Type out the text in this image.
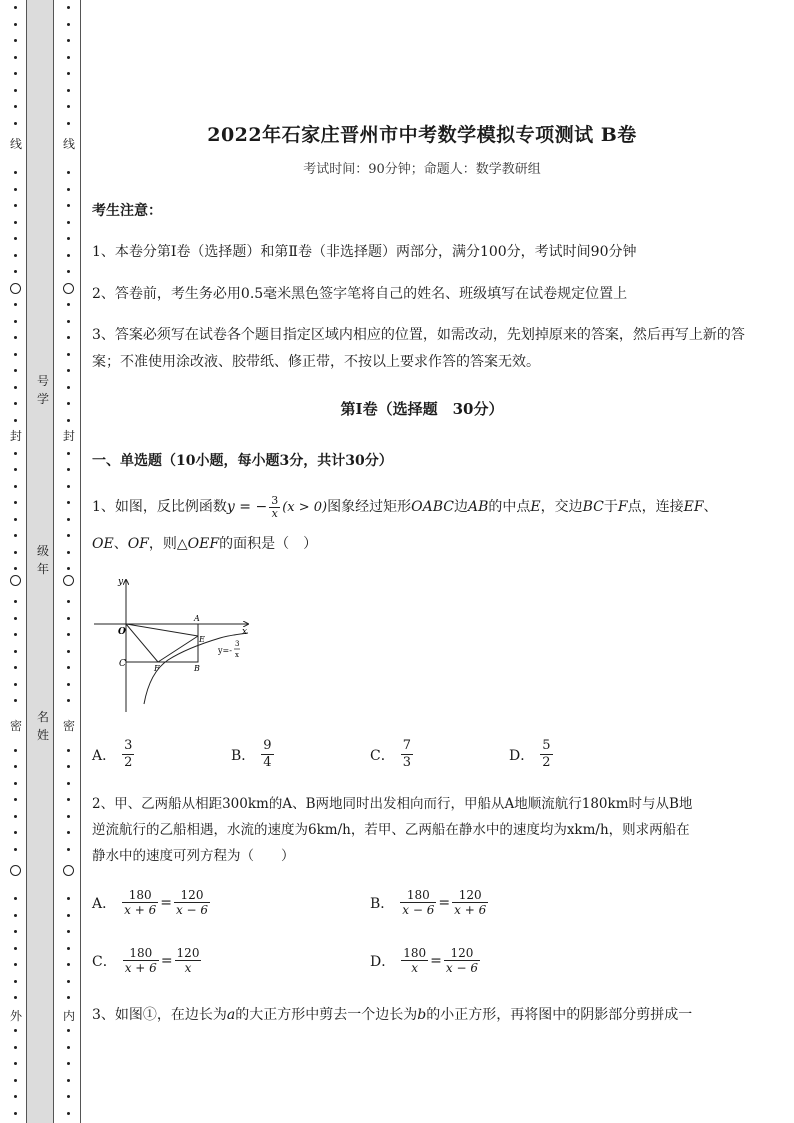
线
封
密
外
线
封
密
内
号学
级年
名姓
2022年石家庄晋州市中考数学模拟专项测试 B卷
考试时间：90分钟；命题人：数学教研组
考生注意：
1、本卷分第I卷（选择题）和第Ⅱ卷（非选择题）两部分，满分100分，考试时间90分钟
2、答卷前，考生务必用0.5毫米黑色签字笔将自己的姓名、班级填写在试卷规定位置上
3、答案必须写在试卷各个题目指定区域内相应的位置，如需改动，先划掉原来的答案，然后再写上新的答案；不准使用涂改液、胶带纸、修正带，不按以上要求作答的答案无效。
第I卷（选择题　30分）
一、单选题（10小题，每小题3分，共计30分）
1、如图，反比例函数y = − $\frac{3}{x} (x > 0)$图象经过矩形OABC边AB的中点E，交边BC于F点，连接EF、
OE、OF，则△OEF的面积是（　）
y
x
O
A
E
C	F	B
y=-
3
x
A． $\frac{3}{2}$	B． $\frac{9}{4}$	C． $\frac{7}{3}$	D． $\frac{5}{2}$
2、甲、乙两船从相距300km的A、B两地同时出发相向而行，甲船从A地顺流航行180km时与从B地
逆流航行的乙船相遇，水流的速度为6km/h，若甲、乙两船在静水中的速度均为xkm/h，则求两船在
静水中的速度可列方程为（　　）
A． $\frac{180}{x + 6} = \frac{120}{x - 6}$	B． $\frac{180}{x - 6} = \frac{120}{x + 6}$
C． $\frac{180}{x + 6} = \frac{120}{x}$	D． $\frac{180}{x} = \frac{120}{x - 6}$
3、如图①，在边长为a的大正方形中剪去一个边长为b的小正方形，再将图中的阴影部分剪拼成一
